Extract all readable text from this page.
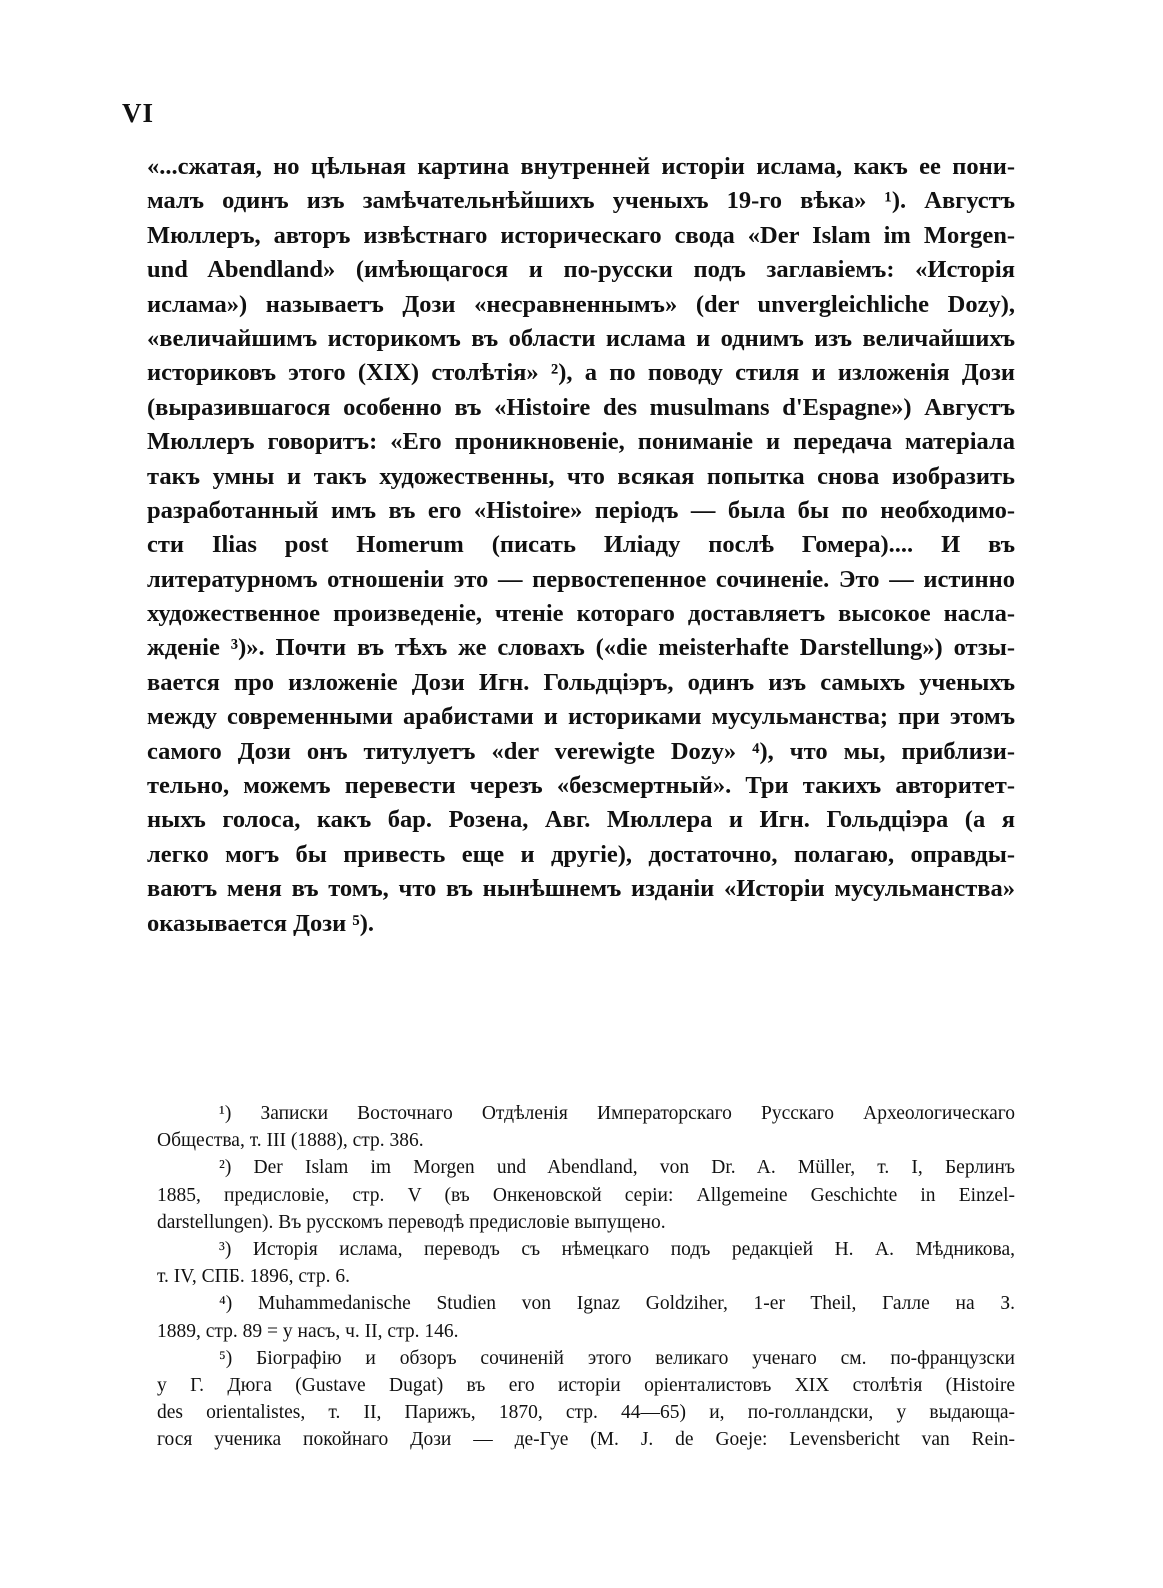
VI
«...сжатая, но цѣльная картина внутренней исторіи ислама, какъ ее пони-
малъ одинъ изъ замѣчательнѣйшихъ ученыхъ 19-го вѣка» ¹). Августъ
Мюллеръ, авторъ извѣстнаго историческаго свода «Der Islam im Morgen-
und Abendland» (имѣющагося и по-русски подъ заглавіемъ: «Исторія
ислама») называетъ Дози «несравненнымъ» (der unvergleichliche Dozy),
«величайшимъ историкомъ въ области ислама и однимъ изъ величайшихъ
историковъ этого (XIX) столѣтія» ²), а по поводу стиля и изложенія Дози
(выразившагося особенно въ «Histoire des musulmans d'Espagne») Августъ
Мюллеръ говоритъ: «Его проникновеніе, пониманіе и передача матеріала
такъ умны и такъ художественны, что всякая попытка снова изобразить
разработанный имъ въ его «Histoire» періодъ — была бы по необходимо-
сти Ilias post Homerum (писать Иліаду послѣ Гомера).... И въ
литературномъ отношеніи это — первостепенное сочиненіе. Это — истинно
художественное произведеніе, чтеніе котораго доставляетъ высокое насла-
жденіе ³)». Почти въ тѣхъ же словахъ («die meisterhafte Darstellung») отзы-
вается про изложеніе Дози Игн. Гольдціэръ, одинъ изъ самыхъ ученыхъ
между современными арабистами и историками мусульманства; при этомъ
самого Дози онъ титулуетъ «der verewigte Dozy» ⁴), что мы, приблизи-
тельно, можемъ перевести черезъ «безсмертный». Три такихъ авторитет-
ныхъ голоса, какъ бар. Розена, Авг. Мюллера и Игн. Гольдціэра (а я
легко могъ бы привесть еще и другіе), достаточно, полагаю, оправды-
ваютъ меня въ томъ, что въ нынѣшнемъ изданіи «Исторіи мусульманства»
оказывается Дози ⁵).
¹) Записки Восточнаго Отдѣленія Императорскаго Русскаго Археологическаго
Общества, т. III (1888), стр. 386.
²) Der Islam im Morgen und Abendland, von Dr. A. Müller, т. I, Берлинъ
1885, предисловіе, стр. V (въ Онкеновской серіи: Allgemeine Geschichte in Einzel-
darstellungen). Въ русскомъ переводѣ предисловіе выпущено.
³) Исторія ислама, переводъ съ нѣмецкаго подъ редакціей Н. А. Мѣдникова,
т. IV, СПБ. 1896, стр. 6.
⁴) Muhammedanische Studien von Ignaz Goldziher, 1-er Theil, Галле на З.
1889, стр. 89 = у насъ, ч. II, стр. 146.
⁵) Біографію и обзоръ сочиненій этого великаго ученаго см. по-французски
у Г. Дюга (Gustave Dugat) въ его исторіи оріенталистовъ XIX столѣтія (Histoire
des orientalistes, т. II, Парижъ, 1870, стр. 44—65) и, по-голландски, у выдающа-
гося ученика покойнаго Дози — де-Гуе (M. J. de Goeje: Levensbericht van Rein-
